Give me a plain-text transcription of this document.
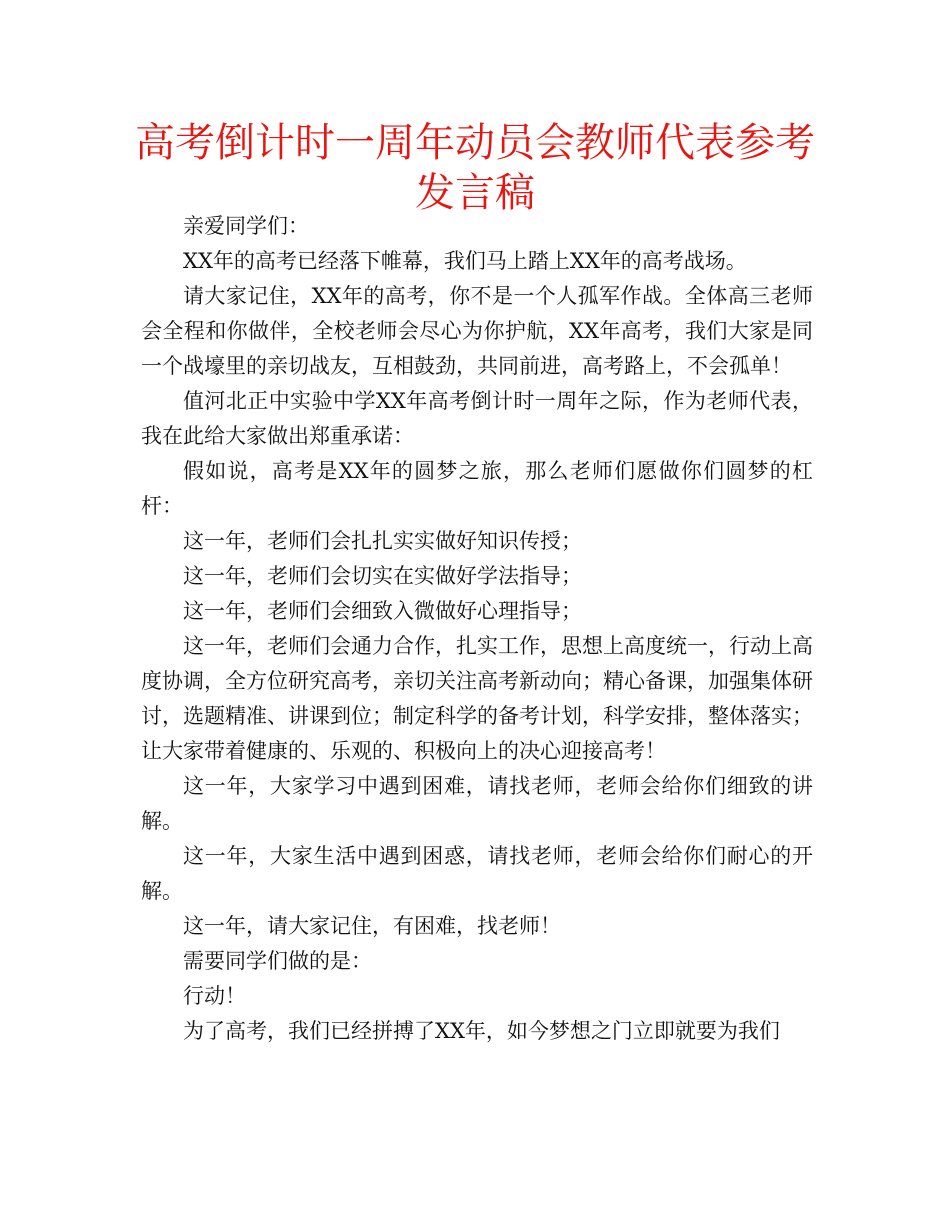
高考倒计时一周年动员会教师代表参考发言稿

亲爱同学们：

XX年的高考已经落下帷幕，我们马上踏上XX年的高考战场。

请大家记住，XX年的高考，你不是一个人孤军作战。全体高三老师会全程和你做伴，全校老师会尽心为你护航，XX年高考，我们大家是同一个战壕里的亲切战友，互相鼓劲，共同前进，高考路上，不会孤单！

值河北正中实验中学XX年高考倒计时一周年之际，作为老师代表，我在此给大家做出郑重承诺：

假如说，高考是XX年的圆梦之旅，那么老师们愿做你们圆梦的杠杆：

这一年，老师们会扎扎实实做好知识传授；

这一年，老师们会切实在实做好学法指导；

这一年，老师们会细致入微做好心理指导；

这一年，老师们会通力合作，扎实工作，思想上高度统一，行动上高度协调，全方位研究高考，亲切关注高考新动向；精心备课，加强集体研讨，选题精准、讲课到位；制定科学的备考计划，科学安排，整体落实；让大家带着健康的、乐观的、积极向上的决心迎接高考！

这一年，大家学习中遇到困难，请找老师，老师会给你们细致的讲解。

这一年，大家生活中遇到困惑，请找老师，老师会给你们耐心的开解。

这一年，请大家记住，有困难，找老师！

需要同学们做的是：

行动！

为了高考，我们已经拼搏了XX年，如今梦想之门立即就要为我们
